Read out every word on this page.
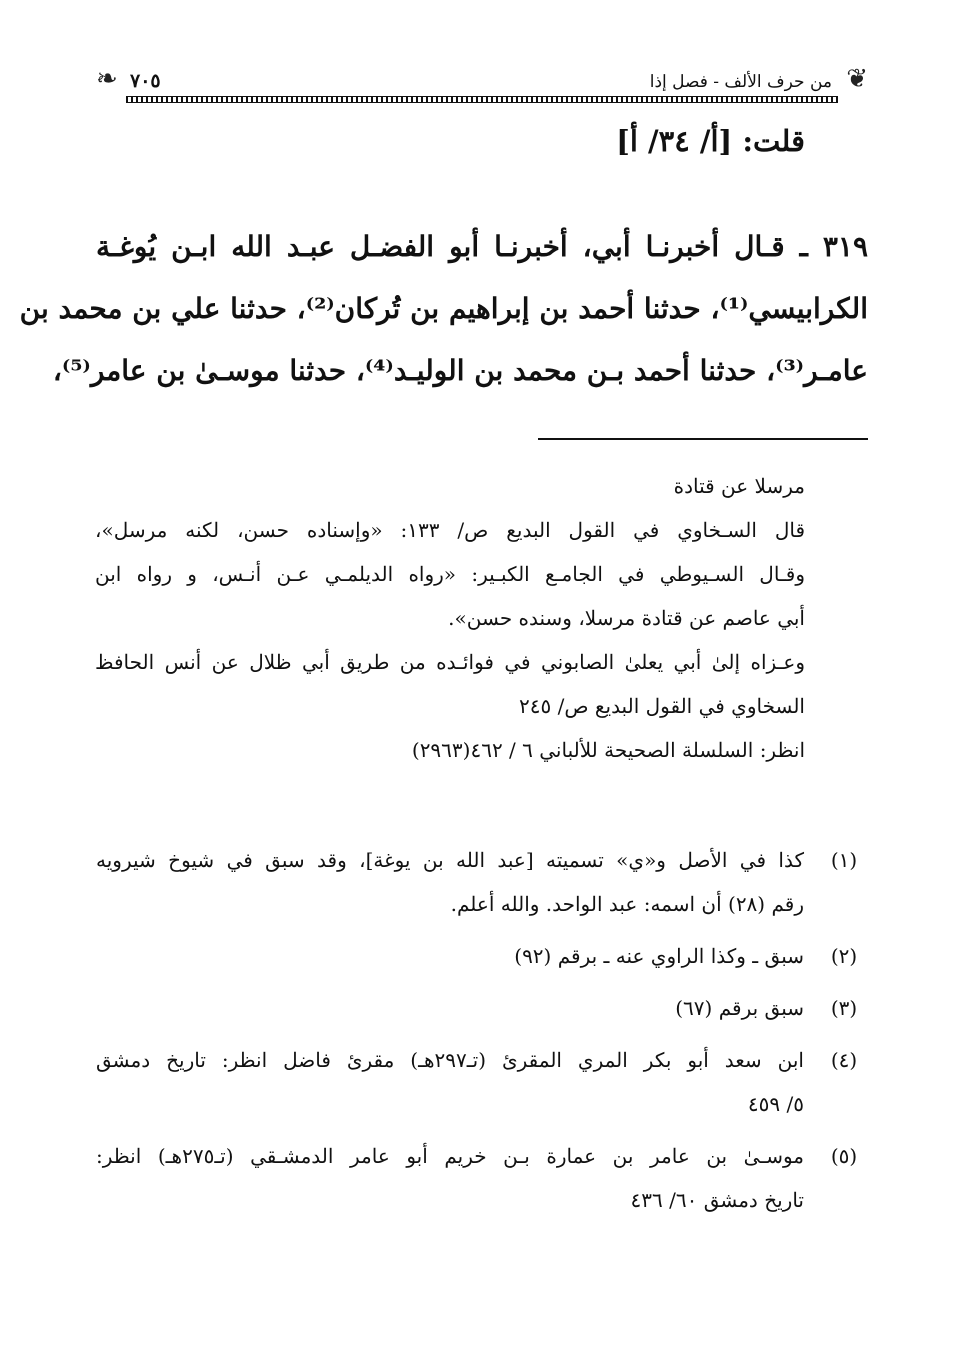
❦
من حرف الألف - فصل إذا
٧٠٥
❧
قلت: [أ/ ٣٤/ أ]
٣١٩ ـ قـال أخبرنـا أبي، أخبرنـا أبو الفضـل عبـد الله ابـن يُوغـة
الكرابيسي⁽¹⁾، حدثنا أحمد بن إبراهيم بن تُركان⁽²⁾، حدثنا علي بن محمد بن
عامـر⁽³⁾، حدثنا أحمد بـن محمد بن الوليـد⁽⁴⁾، حدثنا موسـیٰ بن عامر⁽⁵⁾،
مرسلا عن قتادة
قال السـخاوي في القول البديع ص/ ١٣٣: «وإسناده حسن، لكنه مرسل»،
وقـال السـيوطي في الجامـع الكبـير: «رواه الديلمـي عـن أنـس، و رواه ابن
أبي عاصم عن قتادة مرسلا، وسنده حسن».
وعـزاه إلىٰ أبي يعلىٰ الصابوني في فوائـده من طريق أبي ظلال عن أنس الحافظ
السخاوي في القول البديع ص/ ٢٤٥
انظر: السلسلة الصحيحة للألباني ٦ / ٤٦٢(٢٩٦٣)
(١)
كذا في الأصل و«ي» تسميته [عبد الله بن يوغة]، وقد سبق في شيوخ شيرويه
رقم (٢٨) أن اسمه: عبد الواحد. والله أعلم.
(٢)
سبق ـ وكذا الراوي عنه ـ برقم (٩٢)
(٣)
سبق برقم (٦٧)
(٤)
ابن سعد أبو بكر المري المقرئ (تـ٢٩٧هـ) مقرئ فاضل انظر: تاريخ دمشق
٥/ ٤٥٩
(٥)
موسـیٰ بن عامر بن عمارة بـن خريم أبو عامر الدمشـقي (تـ٢٧٥هـ) انظر:
تاريخ دمشق ٦٠/ ٤٣٦
